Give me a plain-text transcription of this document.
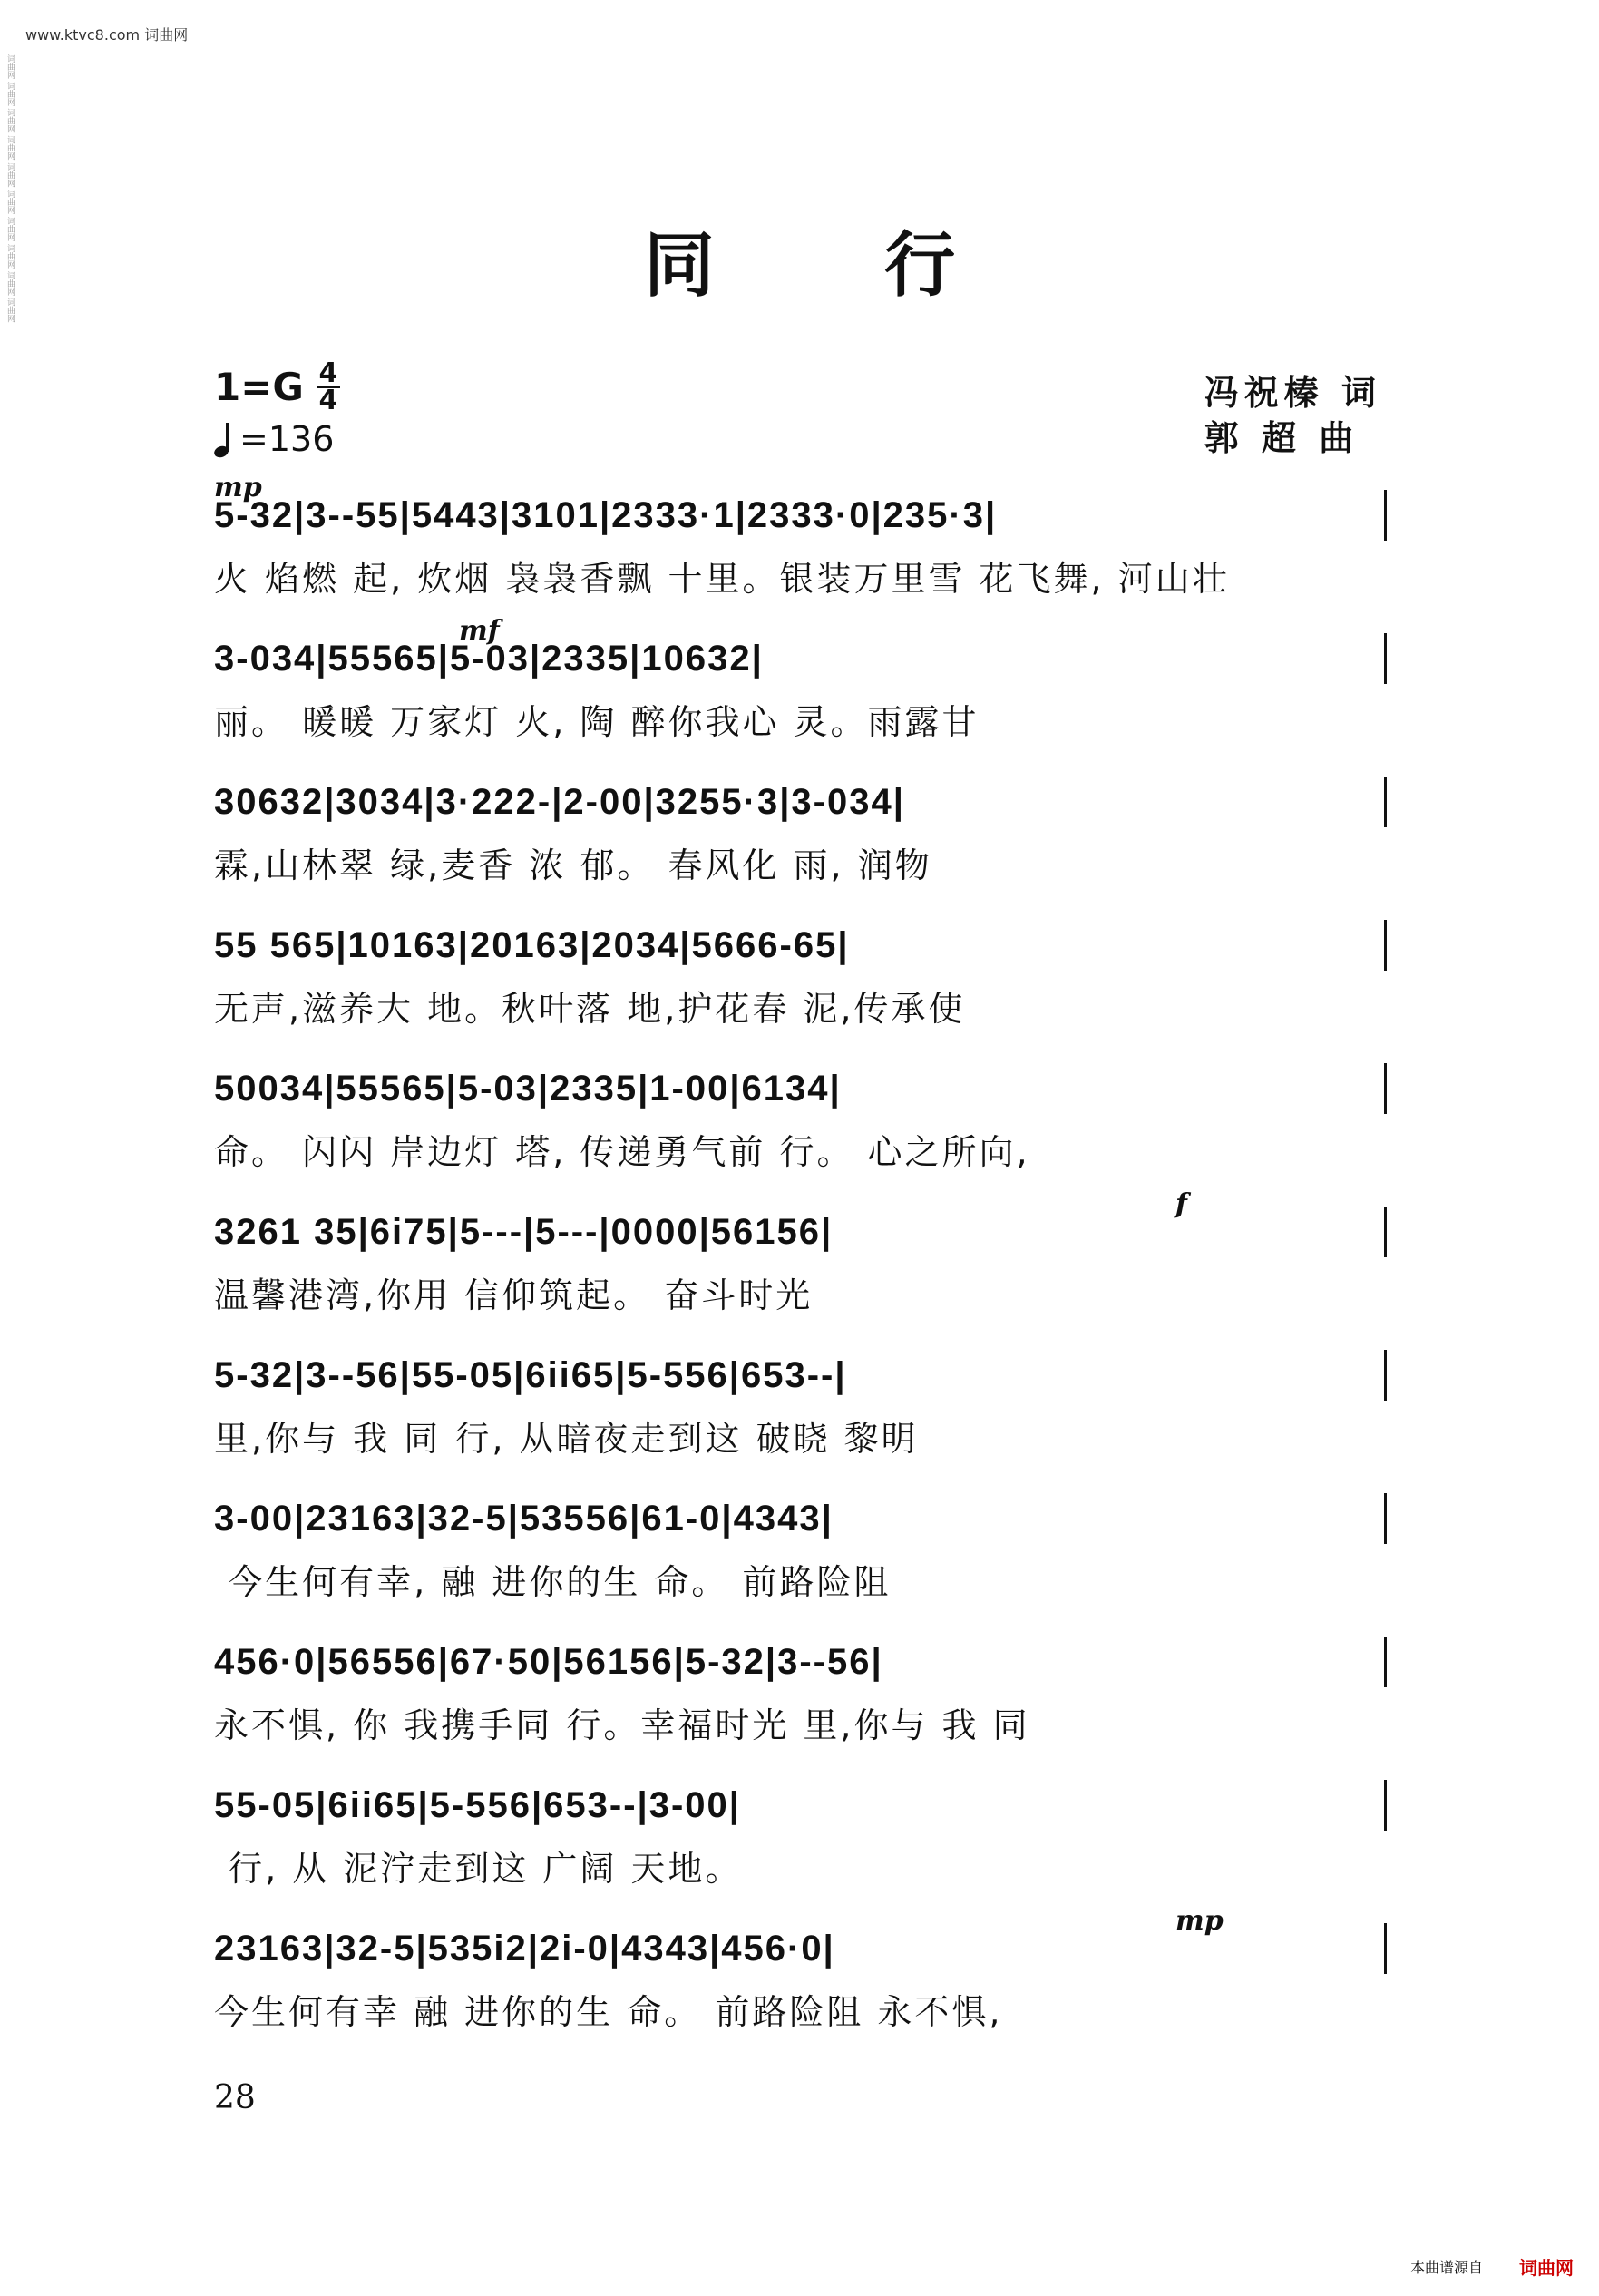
词曲网 词曲网 词曲网 词曲网 词曲网 词曲网 词曲网 词曲网 词曲网 词曲网
www.ktvc8.com 词曲网
同 行
$1=G \frac{4}{4}$
=136
冯祝榛 词
郭 超 曲
mp
5-32|3--55|5443|3101|2333·1|2333·0|235·3|
火 焰燃 起, 炊烟 袅袅香飘 十里。银装万里雪 花飞舞, 河山壮
mf
3-034|55565|5-03|2335|10632|
丽。 暖暖 万家灯 火, 陶 醉你我心 灵。雨露甘
30632|3034|3·222-|2-00|3255·3|3-034|
霖,山林翠 绿,麦香 浓 郁。 春风化 雨, 润物
55 565|10163|20163|2034|5666-65|
无声,滋养大 地。秋叶落 地,护花春 泥,传承使
50034|55565|5-03|2335|1-00|6134|
命。 闪闪 岸边灯 塔, 传递勇气前 行。 心之所向,
f
3261 35|6i75|5---|5---|0000|56156|
温馨港湾,你用 信仰筑起。 奋斗时光
5-32|3--56|55-05|6ii65|5-556|653--|
里,你与 我 同 行, 从暗夜走到这 破晓 黎明
3-00|23163|32-5|53556|61-0|4343|
今生何有幸, 融 进你的生 命。 前路险阻
456·0|56556|67·50|56156|5-32|3--56|
永不惧, 你 我携手同 行。幸福时光 里,你与 我 同
55-05|6ii65|5-556|653--|3-00|
行, 从 泥泞走到这 广阔 天地。
mp
23163|32-5|535i2|2i-0|4343|456·0|
今生何有幸 融 进你的生 命。 前路险阻 永不惧,
28
本曲谱源自 词曲网
